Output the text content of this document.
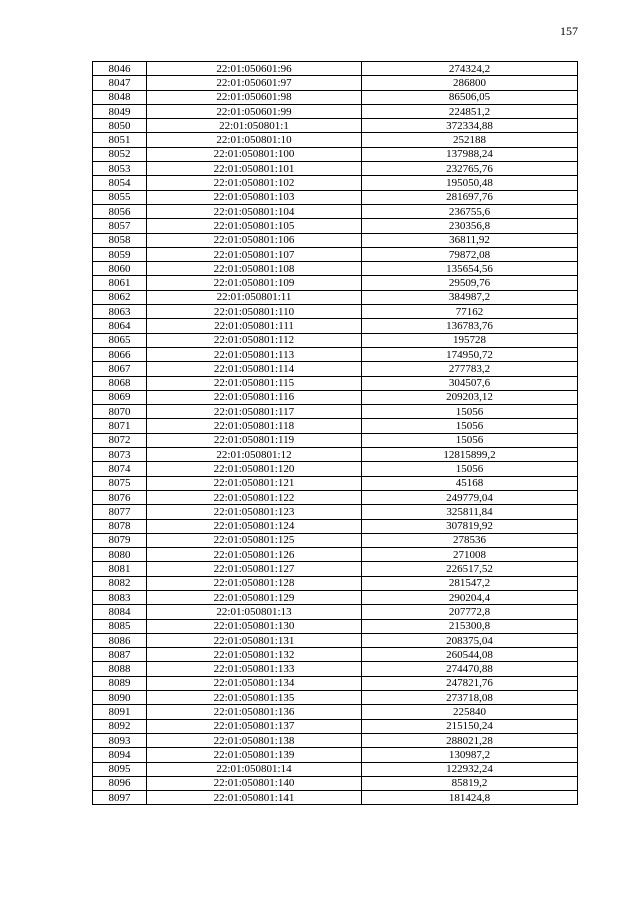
157
8046	22:01:050601:96	274324,2
8047	22:01:050601:97	286800
8048	22:01:050601:98	86506,05
8049	22:01:050601:99	224851,2
8050	22:01:050801:1	372334,88
8051	22:01:050801:10	252188
8052	22:01:050801:100	137988,24
8053	22:01:050801:101	232765,76
8054	22:01:050801:102	195050,48
8055	22:01:050801:103	281697,76
8056	22:01:050801:104	236755,6
8057	22:01:050801:105	230356,8
8058	22:01:050801:106	36811,92
8059	22:01:050801:107	79872,08
8060	22:01:050801:108	135654,56
8061	22:01:050801:109	29509,76
8062	22:01:050801:11	384987,2
8063	22:01:050801:110	77162
8064	22:01:050801:111	136783,76
8065	22:01:050801:112	195728
8066	22:01:050801:113	174950,72
8067	22:01:050801:114	277783,2
8068	22:01:050801:115	304507,6
8069	22:01:050801:116	209203,12
8070	22:01:050801:117	15056
8071	22:01:050801:118	15056
8072	22:01:050801:119	15056
8073	22:01:050801:12	12815899,2
8074	22:01:050801:120	15056
8075	22:01:050801:121	45168
8076	22:01:050801:122	249779,04
8077	22:01:050801:123	325811,84
8078	22:01:050801:124	307819,92
8079	22:01:050801:125	278536
8080	22:01:050801:126	271008
8081	22:01:050801:127	226517,52
8082	22:01:050801:128	281547,2
8083	22:01:050801:129	290204,4
8084	22:01:050801:13	207772,8
8085	22:01:050801:130	215300,8
8086	22:01:050801:131	208375,04
8087	22:01:050801:132	260544,08
8088	22:01:050801:133	274470,88
8089	22:01:050801:134	247821,76
8090	22:01:050801:135	273718,08
8091	22:01:050801:136	225840
8092	22:01:050801:137	215150,24
8093	22:01:050801:138	288021,28
8094	22:01:050801:139	130987,2
8095	22:01:050801:14	122932,24
8096	22:01:050801:140	85819,2
8097	22:01:050801:141	181424,8
